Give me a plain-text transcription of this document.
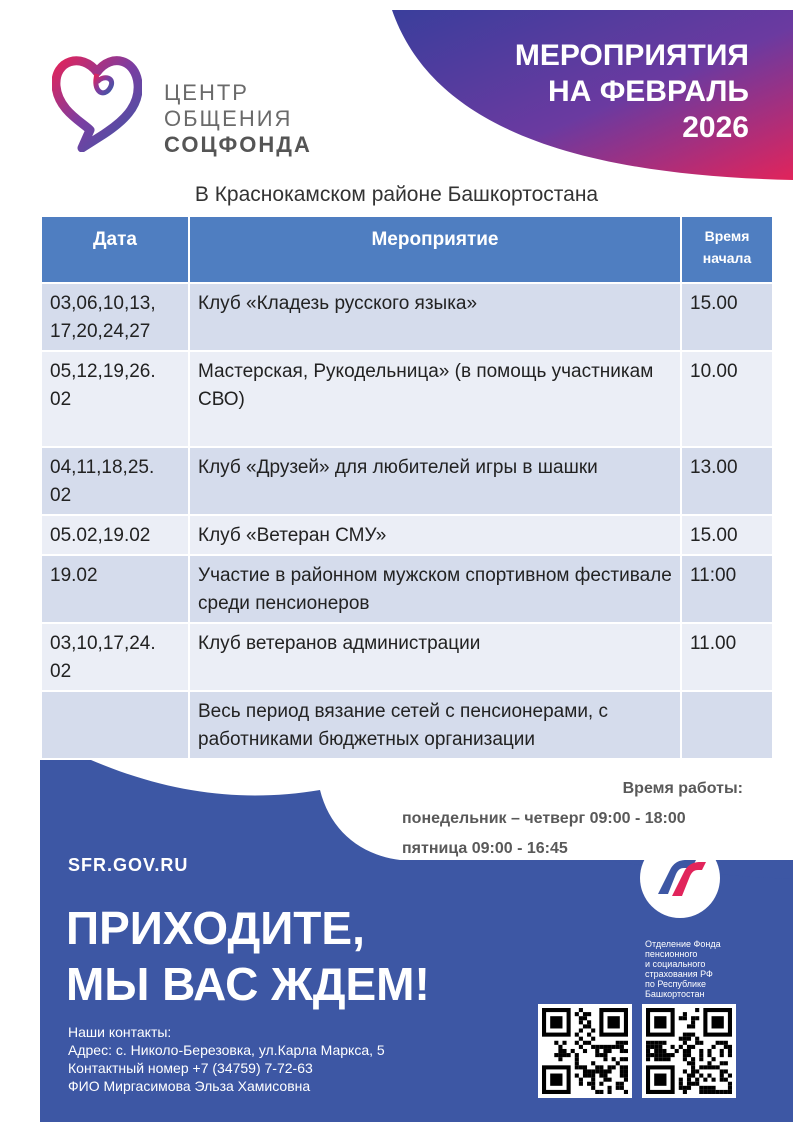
ЦЕНТР
ОБЩЕНИЯ
СОЦФОНДА
МЕРОПРИЯТИЯ
НА ФЕВРАЛЬ
2026
В Краснокамском районе Башкортостана
Дата	Мероприятие	Время
начала

03,06,10,13,
17,20,24,27	Клуб «Кладезь русского языка»	15.00
05,12,19,26.
02	Мастерская, Рукодельница» (в помощь участникам СВО)	10.00
04,11,18,25.
02	Клуб «Друзей» для любителей игры в шашки	13.00
05.02,19.02	Клуб «Ветеран СМУ»	15.00
19.02	Участие в районном мужском спортивном фестивале среди пенсионеров	11:00
03,10,17,24.
02	Клуб ветеранов администрации	11.00
	Весь период вязание сетей с пенсионерами, с работниками бюджетных организации	
Время работы:
понедельник – четверг 09:00 - 18:00
пятница 09:00 - 16:45
SFR.GOV.RU
ПРИХОДИТЕ,
МЫ ВАС ЖДЕМ!
Наши контакты:
Адрес: с. Николо-Березовка, ул.Карла Маркса, 5
Контактный номер +7 (34759) 7-72-63
ФИО Миргасимова Эльза Хамисовна
Отделение Фонда
пенсионного
и социального
страхования РФ
по Республике
Башкортостан
